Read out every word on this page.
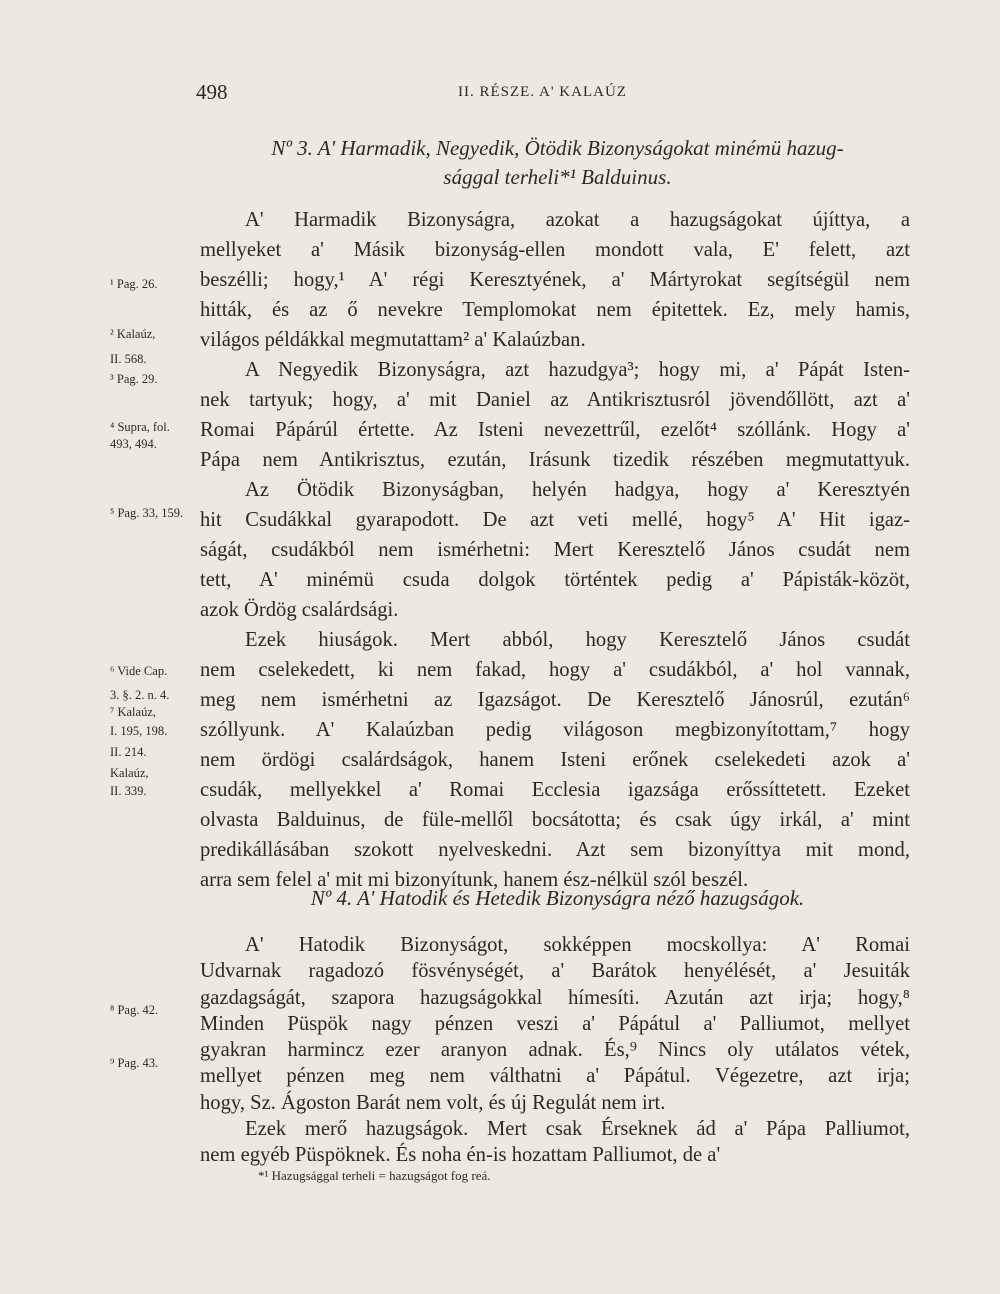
498	II. RÉSZE. A' KALAÚZ
Nº 3. A' Harmadik, Negyedik, Ötödik Bizonyságokat minémü hazug-
sággal terheli*¹ Balduinus.
Nº 4. A' Hatodik és Hetedik Bizonyságra néző hazugságok.
A' Harmadik Bizonyságra, azokat a hazugságokat újíttya, a
mellyeket a' Másik bizonyság-ellen mondott vala, E' felett, azt
beszélli; hogy,¹ A' régi Keresztyének, a' Mártyrokat segítségül nem
hitták, és az ő nevekre Templomokat nem épitettek. Ez, mely hamis,
világos példákkal megmutattam² a' Kalaúzban.
A Negyedik Bizonyságra, azt hazudgya³; hogy mi, a' Pápát Isten-
nek tartyuk; hogy, a' mit Daniel az Antikrisztusról jövendőllött, azt a'
Romai Pápárúl értette. Az Isteni nevezettrűl, ezelőt⁴ szóllánk. Hogy a'
Pápa nem Antikrisztus, ezután, Irásunk tizedik részében megmutattyuk.
Az Ötödik Bizonyságban, helyén hadgya, hogy a' Keresztyén
hit Csudákkal gyarapodott. De azt veti mellé, hogy⁵ A' Hit igaz-
ságát, csudákból nem ismérhetni: Mert Keresztelő János csudát nem
tett, A' minémü csuda dolgok történtek pedig a' Pápisták-közöt,
azok Ördög csalárdsági.
Ezek hiuságok. Mert abból, hogy Keresztelő János csudát
nem cselekedett, ki nem fakad, hogy a' csudákból, a' hol vannak,
meg nem ismérhetni az Igazságot. De Keresztelő Jánosrúl, ezután⁶
szóllyunk. A' Kalaúzban pedig világoson megbizonyítottam,⁷ hogy
nem ördögi csalárdságok, hanem Isteni erőnek cselekedeti azok a'
csudák, mellyekkel a' Romai Ecclesia igazsága erőssíttetett. Ezeket
olvasta Balduinus, de füle-mellől bocsátotta; és csak úgy irkál, a' mint
predikállásában szokott nyelveskedni. Azt sem bizonyíttya mit mond,
A' Hatodik Bizonyságot, sokképpen mocskollya: A' Romai
Udvarnak ragadozó fösvénységét, a' Barátok henyélését, a' Jesuiták
gazdagságát, szapora hazugságokkal hímesíti. Azután azt irja; hogy,⁸
Minden Püspök nagy pénzen veszi a' Pápátul a' Palliumot, mellyet
gyakran harmincz ezer aranyon adnak. És,⁹ Nincs oly utálatos vétek,
mellyet pénzen meg nem válthatni a' Pápátul. Végezetre, azt irja;
hogy, Sz. Ágoston Barát nem volt, és új Regulát nem irt.
Ezek merő hazugságok. Mert csak Érseknek ád a' Pápa Palliumot,
¹ Pag. 26.
² Kalaúz,
II. 568.
³ Pag. 29.
⁴ Supra, fol.
493, 494.
⁵ Pag. 33, 159.
⁶ Vide Cap.
3. §. 2. n. 4.
⁷ Kalaúz,
I. 195, 198.
II. 214.
Kalaúz,
II. 339.
⁸ Pag. 42.
⁹ Pag. 43.
*¹ Hazugsággal terheli = hazugságot fog reá.
arra sem felel a' mit mi bizonyítunk, hanem ész-nélkül szól beszél.
nem egyéb Püspöknek. És noha én-is hozattam Palliumot, de a'
